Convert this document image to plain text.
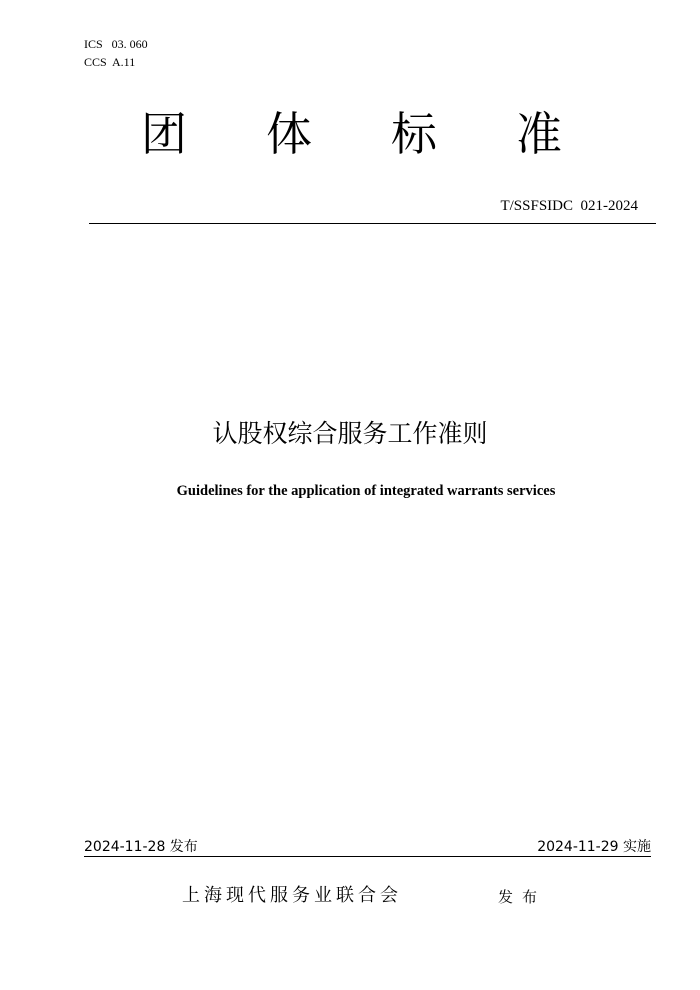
ICS   03. 060
CCS  A.11
团 体 标 准
T/SSFSIDC  021-2024
认股权综合服务工作准则
Guidelines for the application of integrated warrants services
2024-11-28 发布	2024-11-29 实施
上海现代服务业联合会	发布
